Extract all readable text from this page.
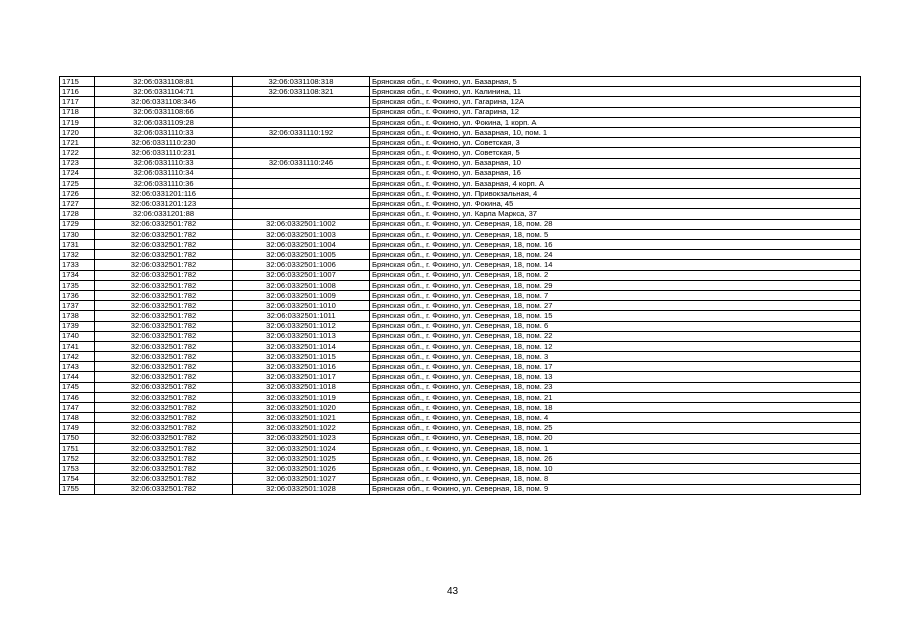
1715	32:06:0331108:81	32:06:0331108:318	Брянская обл., г. Фокино, ул. Базарная, 5
1716	32:06:0331104:71	32:06:0331108:321	Брянская обл., г. Фокино, ул. Калинина, 11
1717	32:06:0331108:346		Брянская обл., г. Фокино, ул. Гагарина, 12А
1718	32:06:0331108:66		Брянская обл., г. Фокино, ул. Гагарина, 12
1719	32:06:0331109:28		Брянская обл., г. Фокино, ул. Фокина, 1 корп. А
1720	32:06:0331110:33	32:06:0331110:192	Брянская обл., г. Фокино, ул. Базарная, 10, пом. 1
1721	32:06:0331110:230		Брянская обл., г. Фокино, ул. Советская, 3
1722	32:06:0331110:231		Брянская обл., г. Фокино, ул. Советская, 5
1723	32:06:0331110:33	32:06:0331110:246	Брянская обл., г. Фокино, ул. Базарная, 10
1724	32:06:0331110:34		Брянская обл., г. Фокино, ул. Базарная, 16
1725	32:06:0331110:36		Брянская обл., г. Фокино, ул. Базарная, 4 корп. А
1726	32:06:0331201:116		Брянская обл., г. Фокино, ул. Привокзальная, 4
1727	32:06:0331201:123		Брянская обл., г. Фокино, ул. Фокина, 45
1728	32:06:0331201:88		Брянская обл., г. Фокино, ул. Карла Маркса, 37
1729	32:06:0332501:782	32:06:0332501:1002	Брянская обл., г. Фокино, ул. Северная, 18, пом. 28
1730	32:06:0332501:782	32:06:0332501:1003	Брянская обл., г. Фокино, ул. Северная, 18, пом. 5
1731	32:06:0332501:782	32:06:0332501:1004	Брянская обл., г. Фокино, ул. Северная, 18, пом. 16
1732	32:06:0332501:782	32:06:0332501:1005	Брянская обл., г. Фокино, ул. Северная, 18, пом. 24
1733	32:06:0332501:782	32:06:0332501:1006	Брянская обл., г. Фокино, ул. Северная, 18, пом. 14
1734	32:06:0332501:782	32:06:0332501:1007	Брянская обл., г. Фокино, ул. Северная, 18, пом. 2
1735	32:06:0332501:782	32:06:0332501:1008	Брянская обл., г. Фокино, ул. Северная, 18, пом. 29
1736	32:06:0332501:782	32:06:0332501:1009	Брянская обл., г. Фокино, ул. Северная, 18, пом. 7
1737	32:06:0332501:782	32:06:0332501:1010	Брянская обл., г. Фокино, ул. Северная, 18, пом. 27
1738	32:06:0332501:782	32:06:0332501:1011	Брянская обл., г. Фокино, ул. Северная, 18, пом. 15
1739	32:06:0332501:782	32:06:0332501:1012	Брянская обл., г. Фокино, ул. Северная, 18, пом. 6
1740	32:06:0332501:782	32:06:0332501:1013	Брянская обл., г. Фокино, ул. Северная, 18, пом. 22
1741	32:06:0332501:782	32:06:0332501:1014	Брянская обл., г. Фокино, ул. Северная, 18, пом. 12
1742	32:06:0332501:782	32:06:0332501:1015	Брянская обл., г. Фокино, ул. Северная, 18, пом. 3
1743	32:06:0332501:782	32:06:0332501:1016	Брянская обл., г. Фокино, ул. Северная, 18, пом. 17
1744	32:06:0332501:782	32:06:0332501:1017	Брянская обл., г. Фокино, ул. Северная, 18, пом. 13
1745	32:06:0332501:782	32:06:0332501:1018	Брянская обл., г. Фокино, ул. Северная, 18, пом. 23
1746	32:06:0332501:782	32:06:0332501:1019	Брянская обл., г. Фокино, ул. Северная, 18, пом. 21
1747	32:06:0332501:782	32:06:0332501:1020	Брянская обл., г. Фокино, ул. Северная, 18, пом. 18
1748	32:06:0332501:782	32:06:0332501:1021	Брянская обл., г. Фокино, ул. Северная, 18, пом. 4
1749	32:06:0332501:782	32:06:0332501:1022	Брянская обл., г. Фокино, ул. Северная, 18, пом. 25
1750	32:06:0332501:782	32:06:0332501:1023	Брянская обл., г. Фокино, ул. Северная, 18, пом. 20
1751	32:06:0332501:782	32:06:0332501:1024	Брянская обл., г. Фокино, ул. Северная, 18, пом. 1
1752	32:06:0332501:782	32:06:0332501:1025	Брянская обл., г. Фокино, ул. Северная, 18, пом. 26
1753	32:06:0332501:782	32:06:0332501:1026	Брянская обл., г. Фокино, ул. Северная, 18, пом. 10
1754	32:06:0332501:782	32:06:0332501:1027	Брянская обл., г. Фокино, ул. Северная, 18, пом. 8
1755	32:06:0332501:782	32:06:0332501:1028	Брянская обл., г. Фокино, ул. Северная, 18, пом. 9
43
